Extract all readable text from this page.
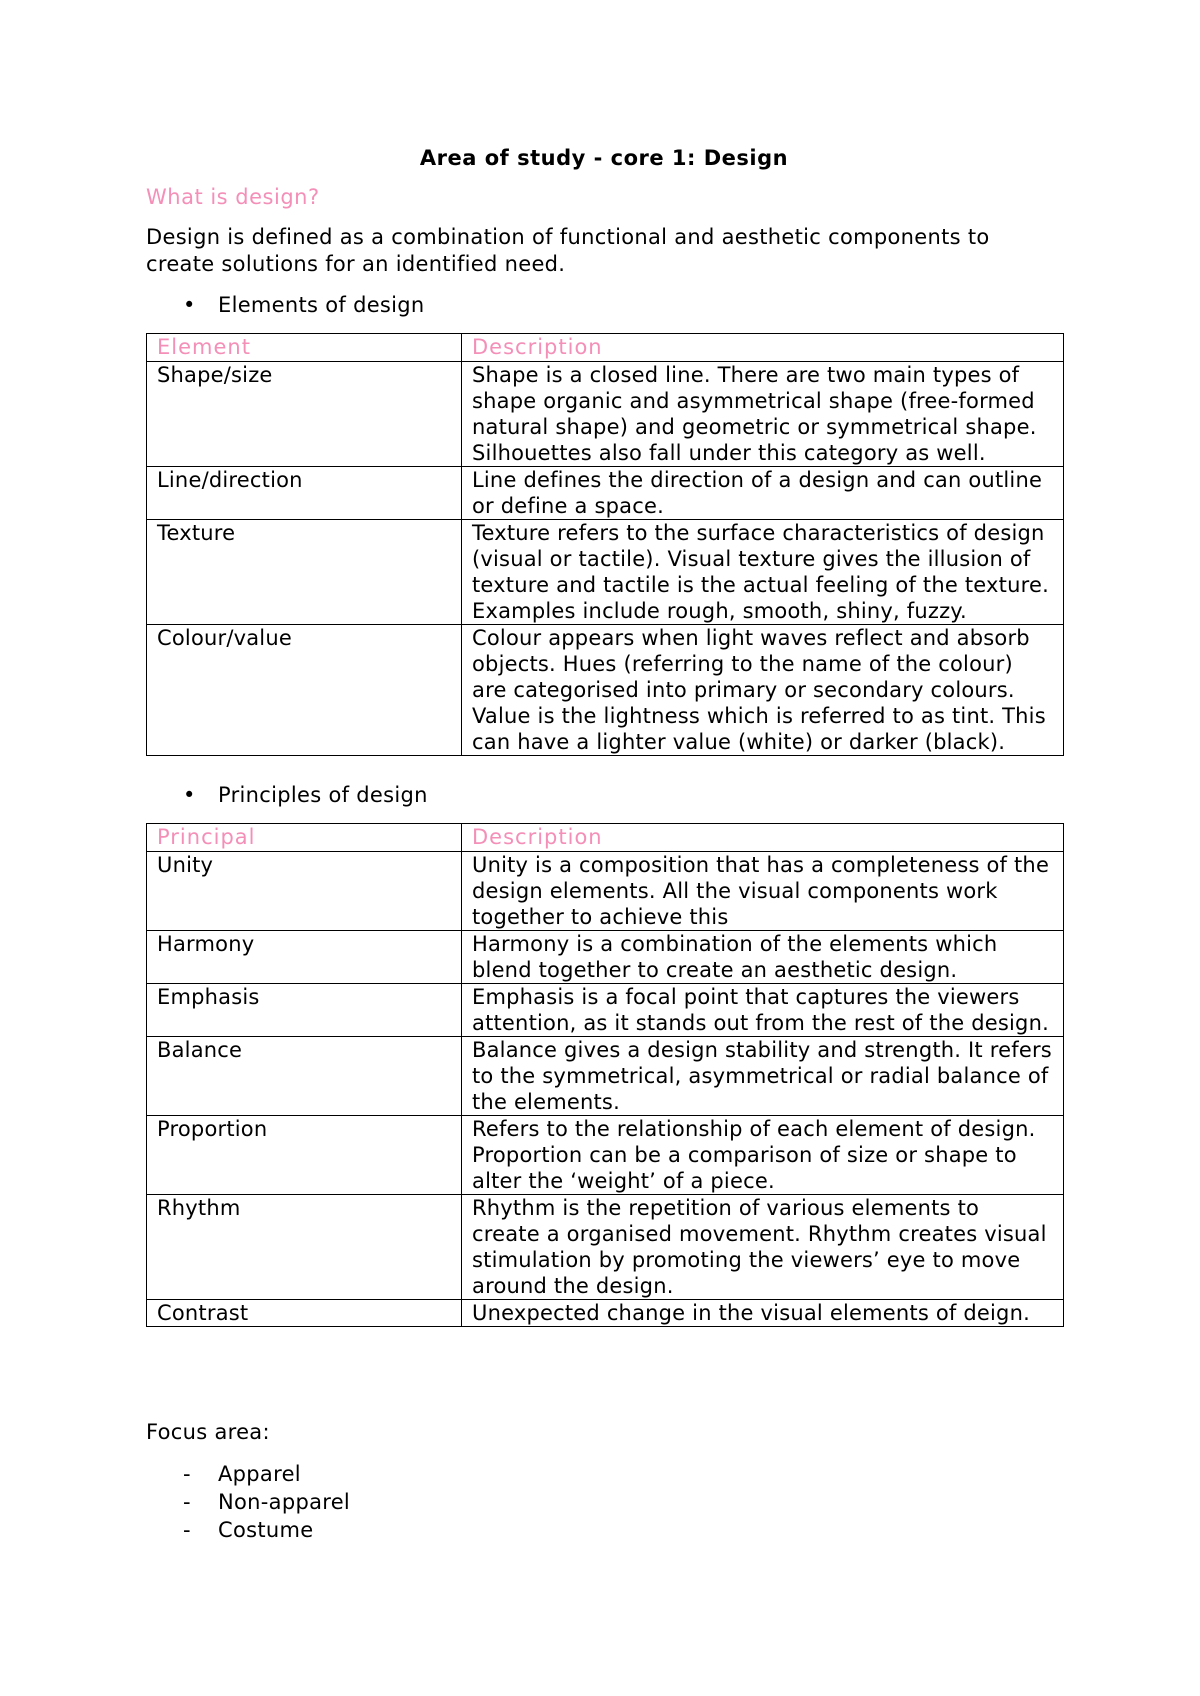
Area of study - core 1: Design
What is design?

Design is defined as a combination of functional and aesthetic components to create solutions for an identified need.

• Elements of design
Element	Description
Shape/size	Shape is a closed line. There are two main types of shape organic and asymmetrical shape (free-formed natural shape) and geometric or symmetrical shape. Silhouettes also fall under this category as well.
Line/direction	Line defines the direction of a design and can outline or define a space.
Texture	Texture refers to the surface characteristics of design (visual or tactile). Visual texture gives the illusion of texture and tactile is the actual feeling of the texture.
Examples include rough, smooth, shiny, fuzzy.

Colour/value	Colour appears when light waves reflect and absorb objects. Hues (referring to the name of the colour) are categorised into primary or secondary colours. Value is the lightness which is referred to as tint. This can have a lighter value (white) or darker (black).
• Principles of design
Principal	Description
Unity	Unity is a composition that has a completeness of the design elements. All the visual components work together to achieve this
Harmony	Harmony is a combination of the elements which blend together to create an aesthetic design.
Emphasis	Emphasis is a focal point that captures the viewers attention, as it stands out from the rest of the design.
Balance	Balance gives a design stability and strength. It refers to the symmetrical, asymmetrical or radial balance of the elements.
Proportion	Refers to the relationship of each element of design. Proportion can be a comparison of size or shape to alter the ‘weight’ of a piece.
Rhythm	Rhythm is the repetition of various elements to create a organised movement. Rhythm creates visual stimulation by promoting the viewers’ eye to move around the design.
Contrast	Unexpected change in the visual elements of deign.

Focus area:

- Apparel
- Non-apparel
- Costume
